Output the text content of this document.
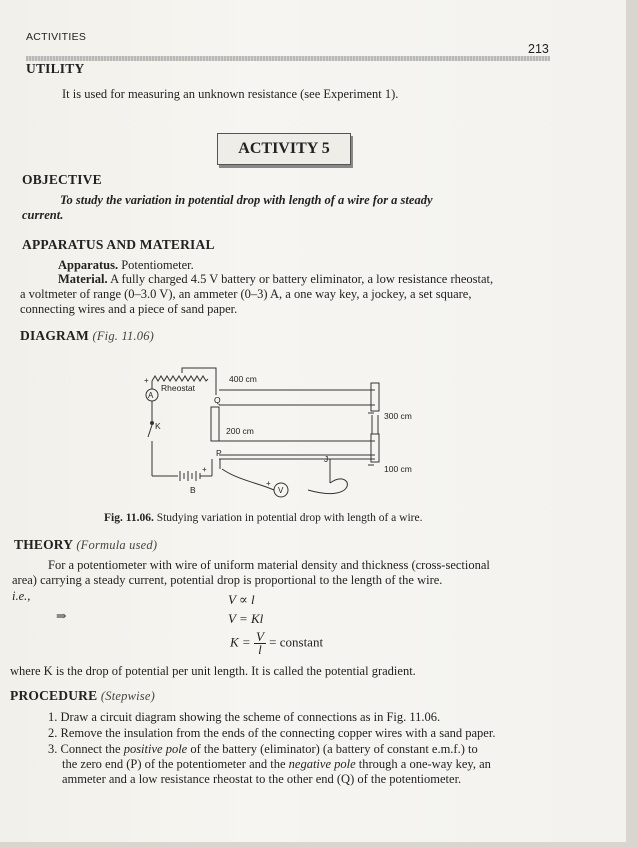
ACTIVITIES
213
UTILITY
It is used for measuring an unknown resistance (see Experiment 1).
ACTIVITY 5
OBJECTIVE
To study the variation in potential drop with length of a wire for a steady
current.
APPARATUS AND MATERIAL
Apparatus. Potentiometer.
Material. A fully charged 4.5 V battery or battery eliminator, a low resistance rheostat,
a voltmeter of range (0–3.0 V), an ammeter (0–3) A, a one way key, a jockey, a set square,
connecting wires and a piece of sand paper.
DIAGRAM (Fig. 11.06)
Rheostat
A
+	400 cm
Q
K	200 cm
300 cm
P
J
100 cm
+
B	V
+
Fig. 11.06. Studying variation in potential drop with length of a wire.
THEORY (Formula used)
For a potentiometer with wire of uniform material density and thickness (cross-sectional
area) carrying a steady current, potential drop is proportional to the length of the wire.
i.e.,	V ∝ l
⇒	V = Kl
$K = \frac{V}{l}$ = constant
where K is the drop of potential per unit length. It is called the potential gradient.
PROCEDURE (Stepwise)
1. Draw a circuit diagram showing the scheme of connections as in Fig. 11.06.
2. Remove the insulation from the ends of the connecting copper wires with a sand paper.
3. Connect the positive pole of the battery (eliminator) (a battery of constant e.m.f.) to
the zero end (P) of the potentiometer and the negative pole through a one-way key, an
ammeter and a low resistance rheostat to the other end (Q) of the potentiometer.
